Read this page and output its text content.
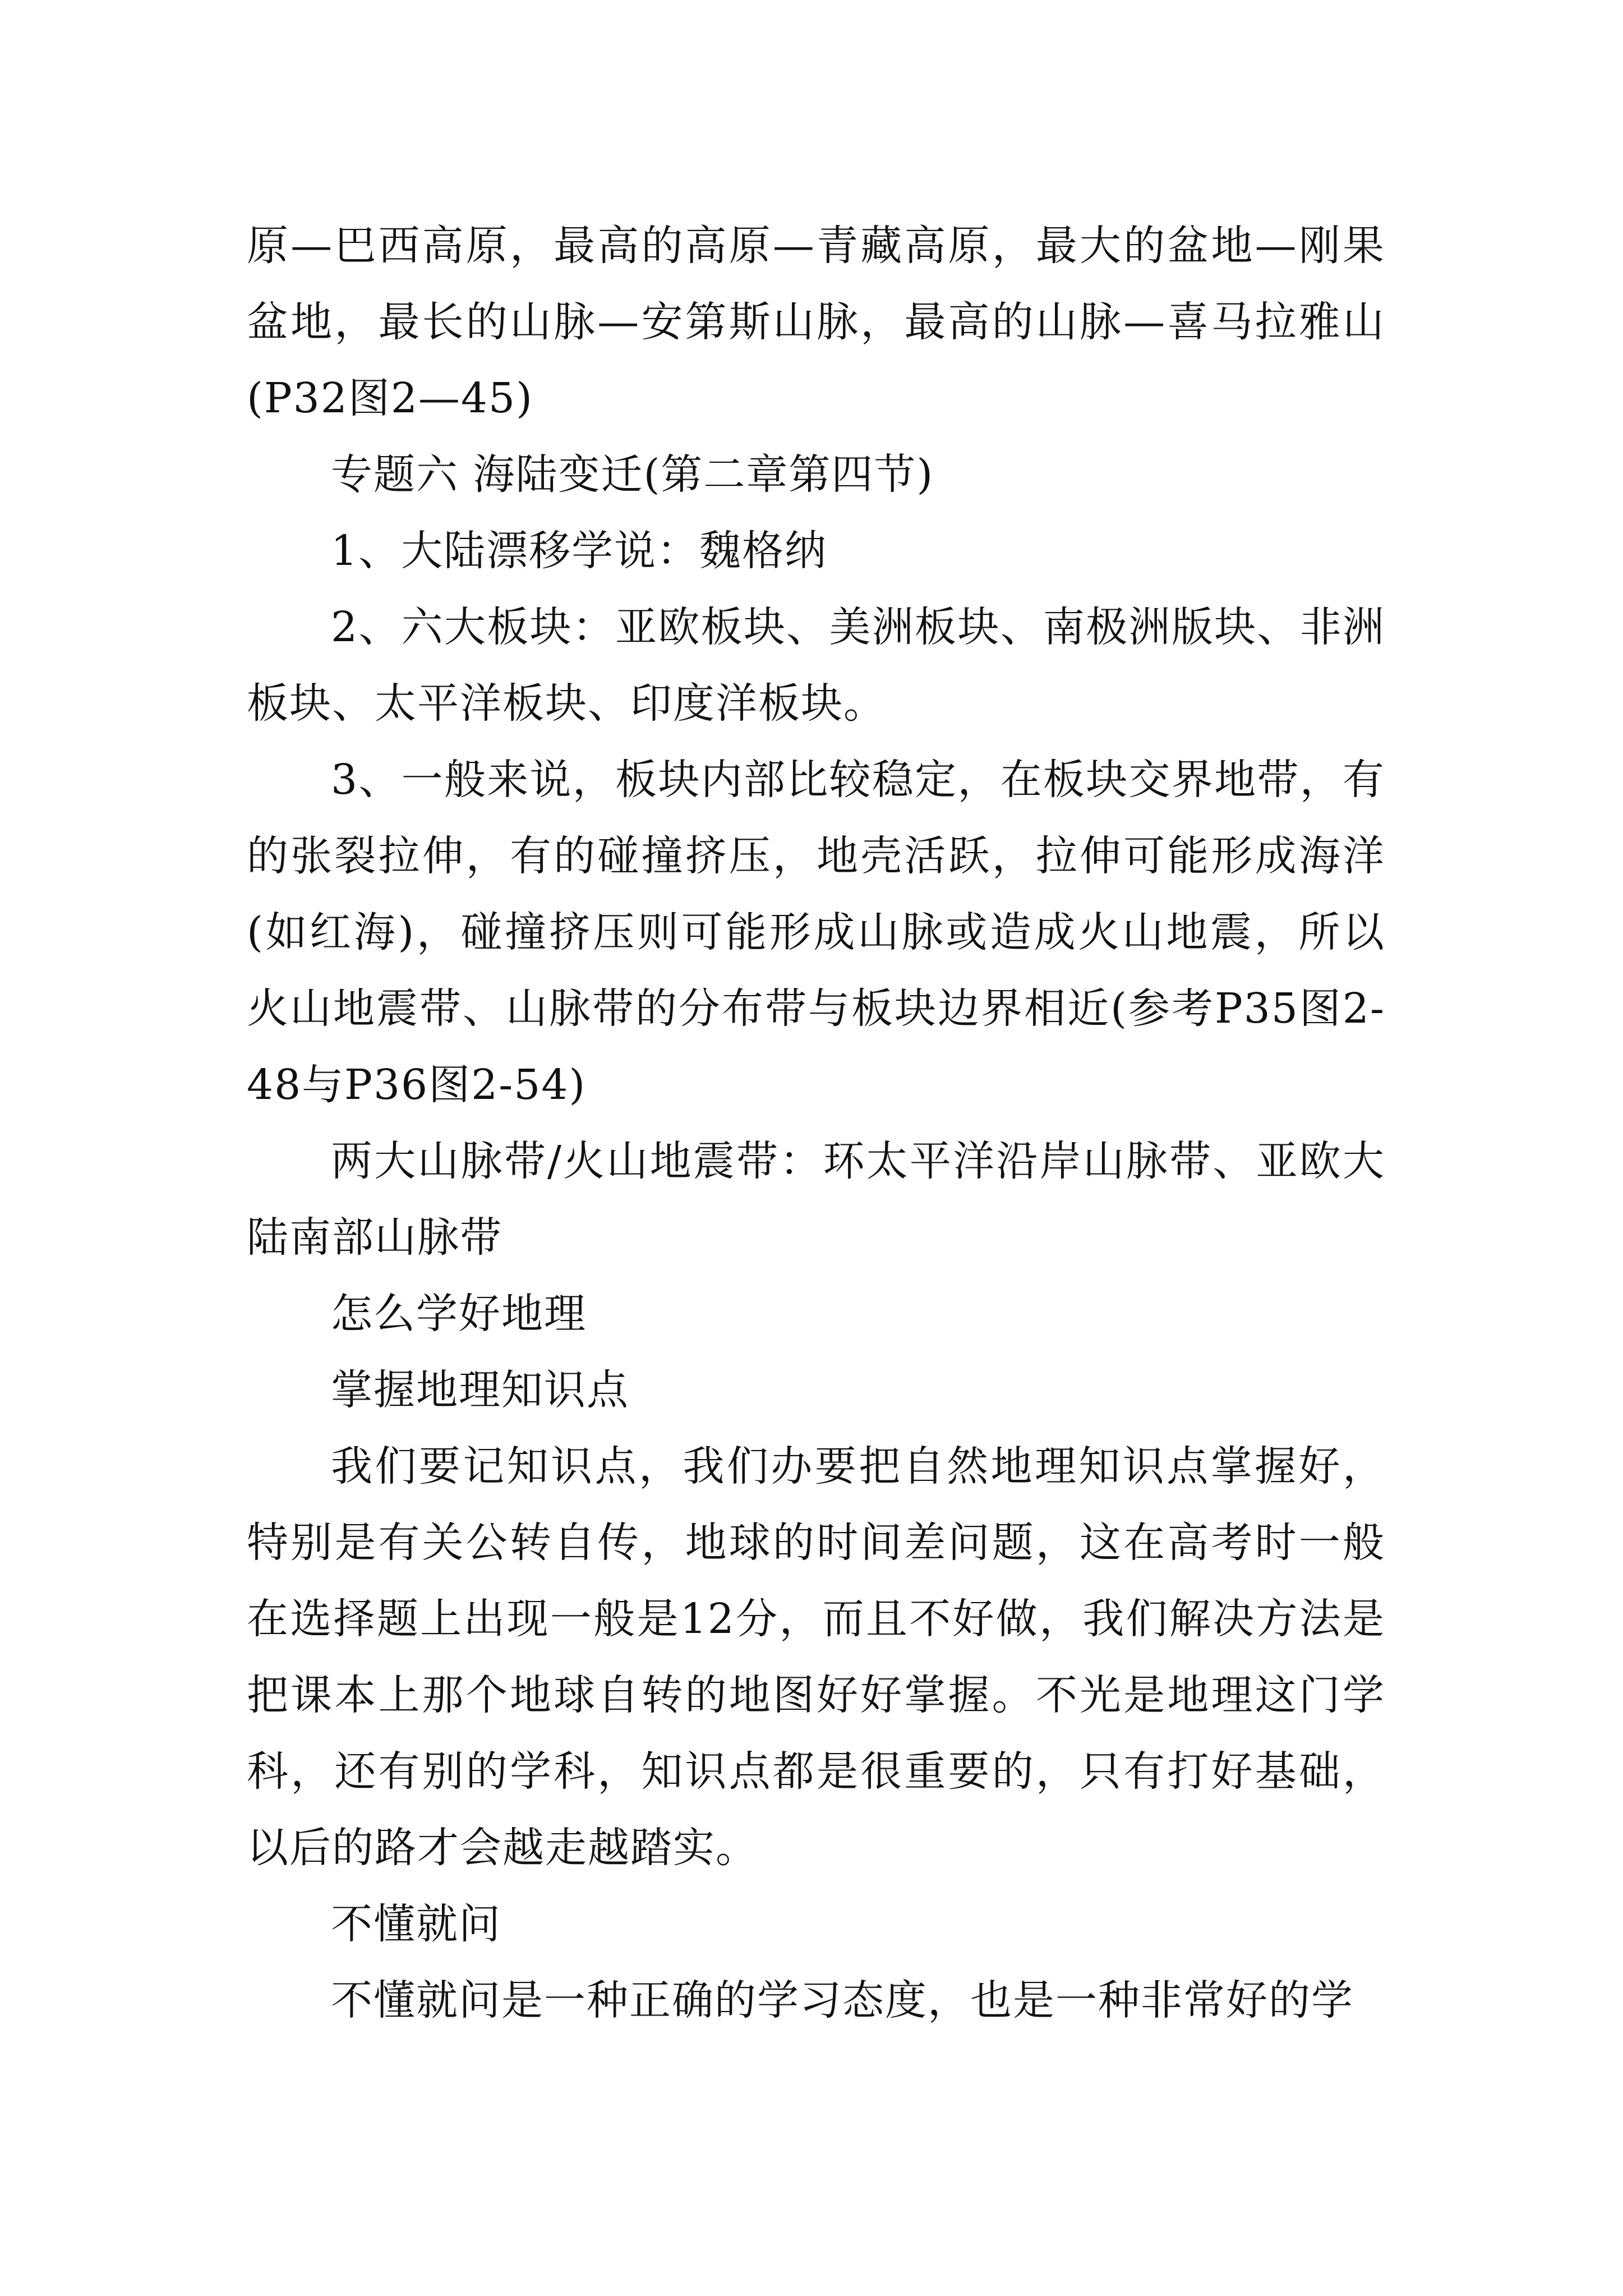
原—巴西高原，最高的高原—青藏高原，最大的盆地—刚果盆地，最长的山脉—安第斯山脉，最高的山脉—喜马拉雅山(P32图2—45)

专题六 海陆变迁(第二章第四节)

1、大陆漂移学说：魏格纳

2、六大板块：亚欧板块、美洲板块、南极洲版块、非洲板块、太平洋板块、印度洋板块。

3、一般来说，板块内部比较稳定，在板块交界地带，有的张裂拉伸，有的碰撞挤压，地壳活跃，拉伸可能形成海洋(如红海)，碰撞挤压则可能形成山脉或造成火山地震，所以火山地震带、山脉带的分布带与板块边界相近(参考P35图2-48与P36图2-54)

两大山脉带/火山地震带：环太平洋沿岸山脉带、亚欧大陆南部山脉带

怎么学好地理

掌握地理知识点

我们要记知识点，我们办要把自然地理知识点掌握好，特别是有关公转自传，地球的时间差问题，这在高考时一般在选择题上出现一般是12分，而且不好做，我们解决方法是把课本上那个地球自转的地图好好掌握。不光是地理这门学科，还有别的学科，知识点都是很重要的，只有打好基础，以后的路才会越走越踏实。

不懂就问

不懂就问是一种正确的学习态度，也是一种非常好的学
